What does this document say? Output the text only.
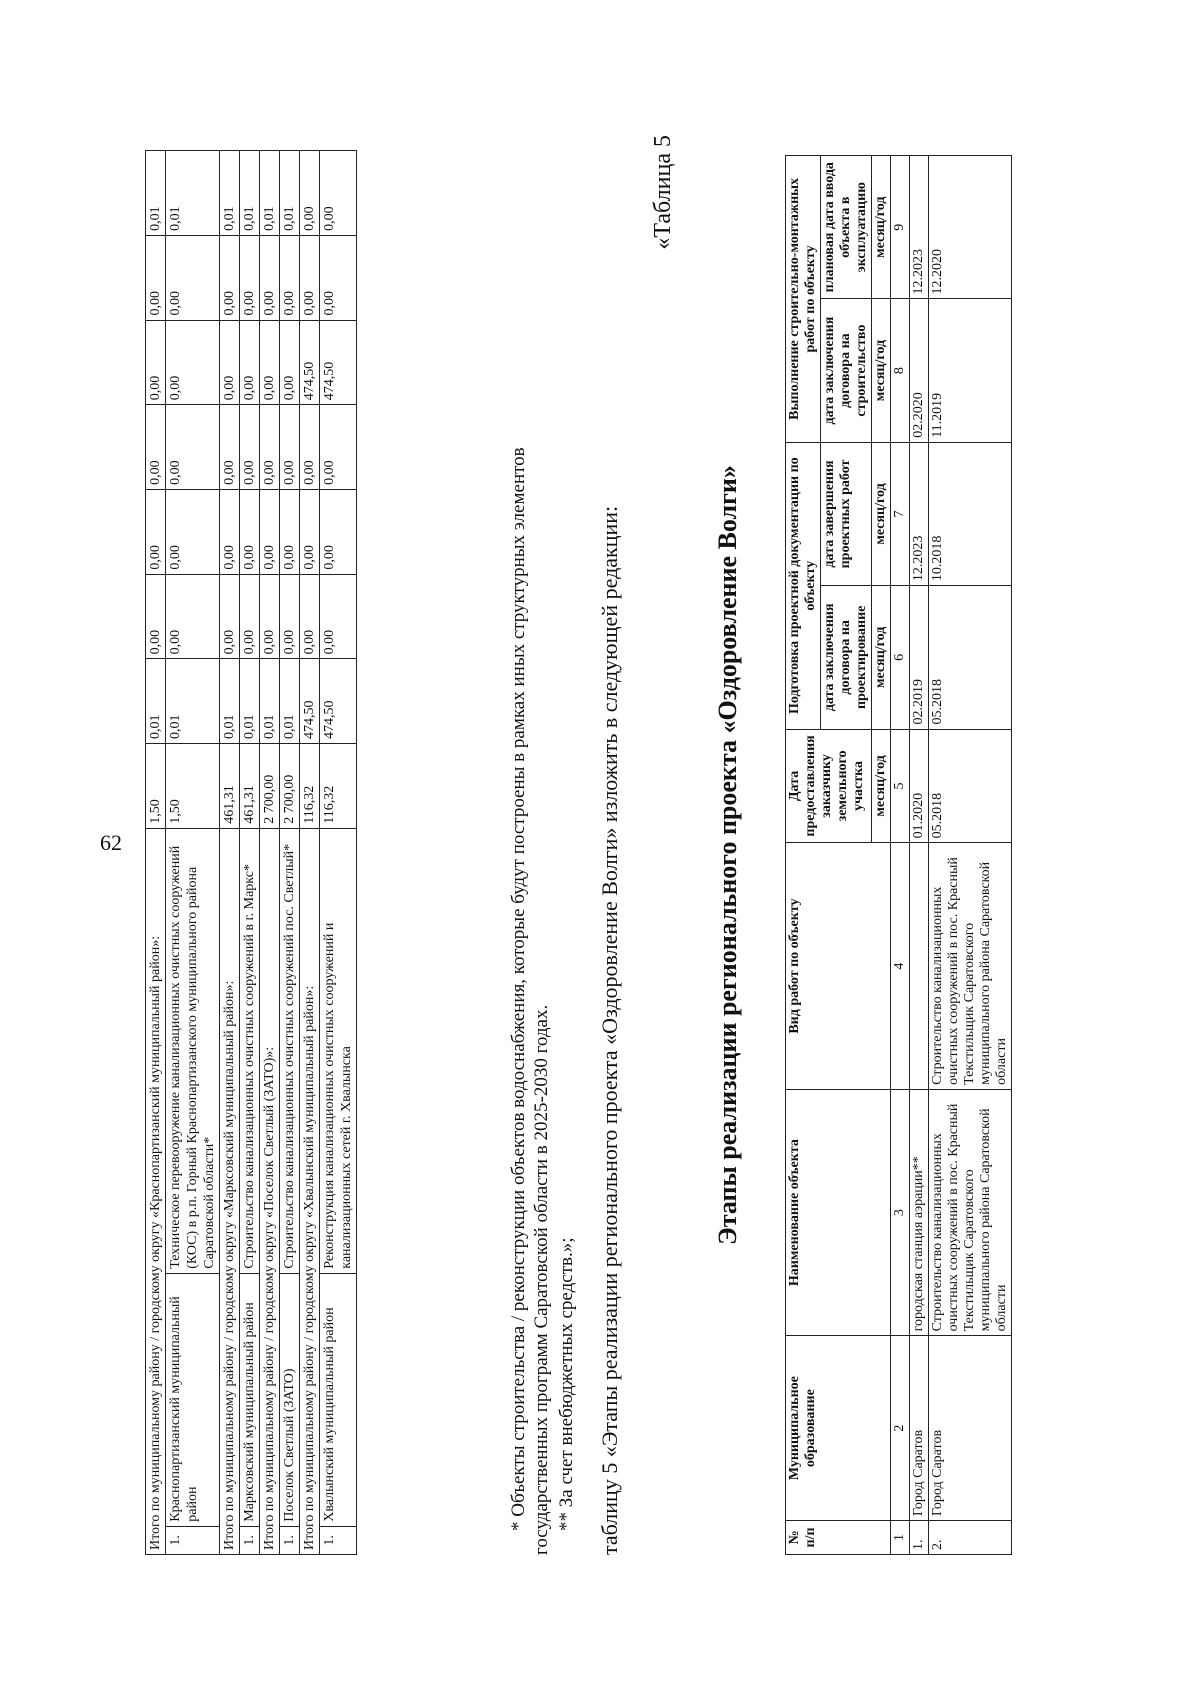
62
Итого по муниципальному району / городскому округу «Краснопартизанский муниципальный район»:			1,50	0,01	0,00	0,00	0,00	0,00	0,00	0,01
1.	Краснопартизанский муниципальный район	Техническое перевооружение канализационных очистных сооружений (КОС) в р.п. Горный Краснопартизанского муниципального района Саратовской области*	1,50	0,01	0,00	0,00	0,00	0,00	0,00	0,01
Итого по муниципальному району / городскому округу «Марксовский муниципальный район»:			461,31	0,01	0,00	0,00	0,00	0,00	0,00	0,01
1.	Марксовский муниципальный район	Строительство канализационных очистных сооружений в г. Маркс*	461,31	0,01	0,00	0,00	0,00	0,00	0,00	0,01
Итого по муниципальному району / городскому округу «Поселок Светлый (ЗАТО)»:			2 700,00	0,01	0,00	0,00	0,00	0,00	0,00	0,01
1.	Поселок Светлый (ЗАТО)	Строительство канализационных очистных сооружений пос. Светлый*	2 700,00	0,01	0,00	0,00	0,00	0,00	0,00	0,01
Итого по муниципальному району / городскому округу «Хвалынский муниципальный район»:			116,32	474,50	0,00	0,00	0,00	474,50	0,00	0,00
1.	Хвалынский муниципальный район	Реконструкция канализационных очистных сооружений и канализационных сетей г. Хвалынска	116,32	474,50	0,00	0,00	0,00	474,50	0,00	0,00
* Объекты строительства / реконструкции объектов водоснабжения, которые будут построены в рамках иных структурных элементов государственных программ Саратовской области в 2025-2030 годах. ** За счет внебюджетных средств.»; таблицу 5 «Этапы реализации регионального проекта «Оздоровление Волги» изложить в следующей редакции:
«Таблица 5
Этапы реализации регионального проекта «Оздоровление Волги»
№ п/п	Муниципальное образование	Наименование объекта	Вид работ по объекту	Дата предоставления заказчику земельного участка	Подготовка проектной документации по объекту		Выполнение строительно-монтажных работ по объекту	
					дата заключения договора на проектирование	дата завершения проектных работ	дата заключения договора на строительство	плановая дата ввода объекта в эксплуатацию
				месяц/год	месяц/год	месяц/год	месяц/год	месяц/год
1	2	3	4	5	6	7	8	9
1.	Город Саратов	городская станция аэрации**		01.2020	02.2019	12.2023	02.2020	12.2023
2.	Город Саратов	Строительство канализационных очистных сооружений в пос. Красный Текстильщик Саратовского муниципального района Саратовской области	Строительство канализационных очистных сооружений в пос. Красный Текстильщик Саратовского муниципального района Саратовской области	05.2018	05.2018	10.2018	11.2019	12.2020
